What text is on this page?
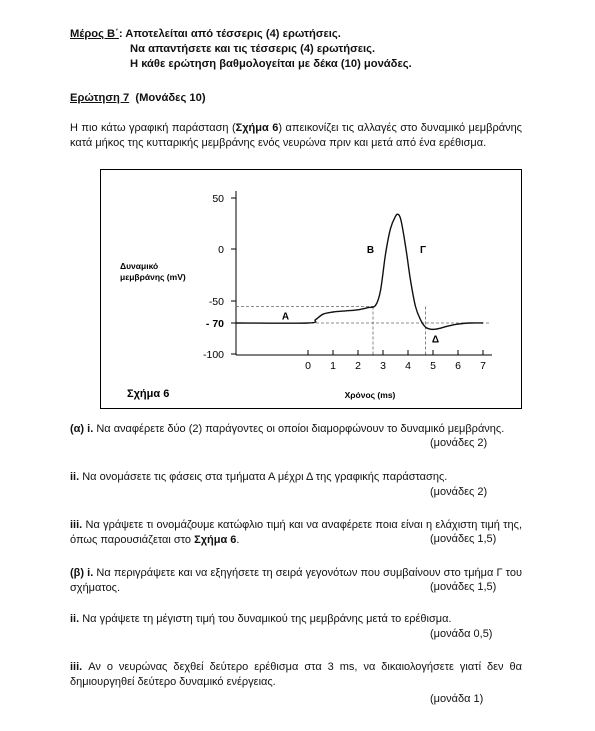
Μέρος Β΄: Αποτελείται από τέσσερις (4) ερωτήσεις.
Να απαντήσετε και τις τέσσερις (4) ερωτήσεις.
Η κάθε ερώτηση βαθμολογείται με δέκα (10) μονάδες.
Ερώτηση 7 (Μονάδες 10)
Η πιο κάτω γραφική παράσταση (Σχήμα 6) απεικονίζει τις αλλαγές στο δυναμικό μεμβράνης κατά μήκος της κυτταρικής μεμβράνης ενός νευρώνα πριν και μετά από ένα ερέθισμα.
50
0
-50
- 70
-100
0 1 2 3 4 5 6 7
Δυναμικό
μεμβράνης (mV)
Χρόνος (ms)
Σχήμα 6
Α
Β	Γ
Δ
(α) i. Να αναφέρετε δύο (2) παράγοντες οι οποίοι διαμορφώνουν το δυναμικό μεμβράνης.
(μονάδες 2)
ii. Να ονομάσετε τις φάσεις στα τμήματα Α μέχρι Δ της γραφικής παράστασης.
(μονάδες 2)
iii. Να γράψετε τι ονομάζουμε κατώφλιο τιμή και να αναφέρετε ποια είναι η ελάχιστη τιμή της, όπως παρουσιάζεται στο Σχήμα 6.	(μονάδες 1,5)
(β) i. Να περιγράψετε και να εξηγήσετε τη σειρά γεγονότων που συμβαίνουν στο τμήμα Γ του σχήματος.	(μονάδες 1,5)
ii. Να γράψετε τη μέγιστη τιμή του δυναμικού της μεμβράνης μετά το ερέθισμα.
(μονάδα 0,5)
iii. Αν ο νευρώνας δεχθεί δεύτερο ερέθισμα στα 3 ms, να δικαιολογήσετε γιατί δεν θα δημιουργηθεί δεύτερο δυναμικό ενέργειας.
(μονάδα 1)
